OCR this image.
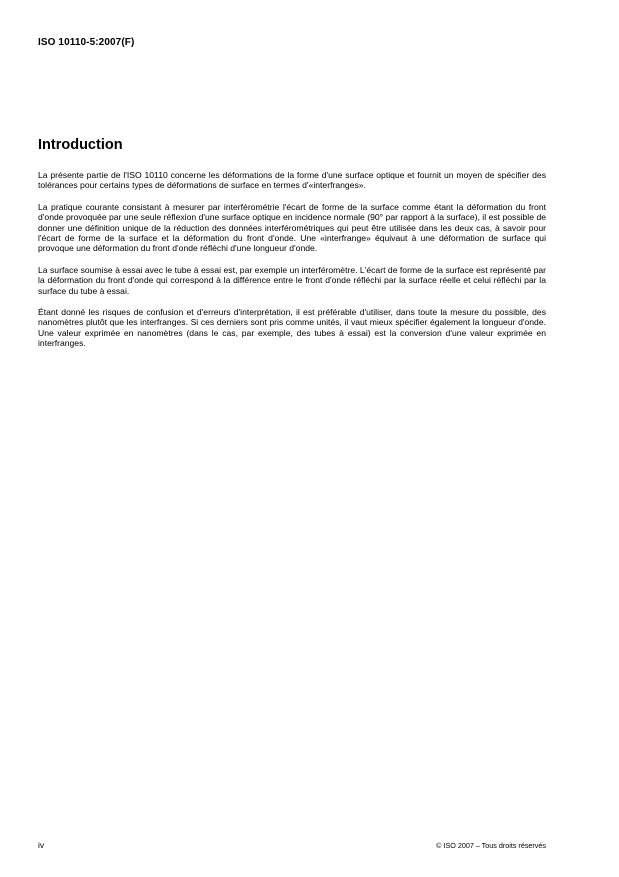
ISO 10110-5:2007(F)
Introduction

La présente partie de l'ISO 10110 concerne les déformations de la forme d'une surface optique et fournit un moyen de spécifier des tolérances pour certains types de déformations de surface en termes d'«interfranges».

La pratique courante consistant à mesurer par interférométrie l'écart de forme de la surface comme étant la déformation du front d'onde provoquée par une seule réflexion d'une surface optique en incidence normale (90° par rapport à la surface), il est possible de donner une définition unique de la réduction des données interférométriques qui peut être utilisée dans les deux cas, à savoir pour l'écart de forme de la surface et la déformation du front d'onde. Une «interfrange» équivaut à une déformation de surface qui provoque une déformation du front d'onde réfléchi d'une longueur d'onde.

La surface soumise à essai avec le tube à essai est, par exemple un interféromètre. L'écart de forme de la surface est représenté par la déformation du front d'onde qui correspond à la différence entre le front d'onde réfléchi par la surface réelle et celui réfléchi par la surface du tube à essai.

Étant donné les risques de confusion et d'erreurs d'interprétation, il est préférable d'utiliser, dans toute la mesure du possible, des nanomètres plutôt que les interfranges. Si ces derniers sont pris comme unités, il vaut mieux spécifier également la longueur d'onde. Une valeur exprimée en nanomètres (dans le cas, par exemple, des tubes à essai) est la conversion d'une valeur exprimée en interfranges.

iv	© ISO 2007 – Tous droits réservés
